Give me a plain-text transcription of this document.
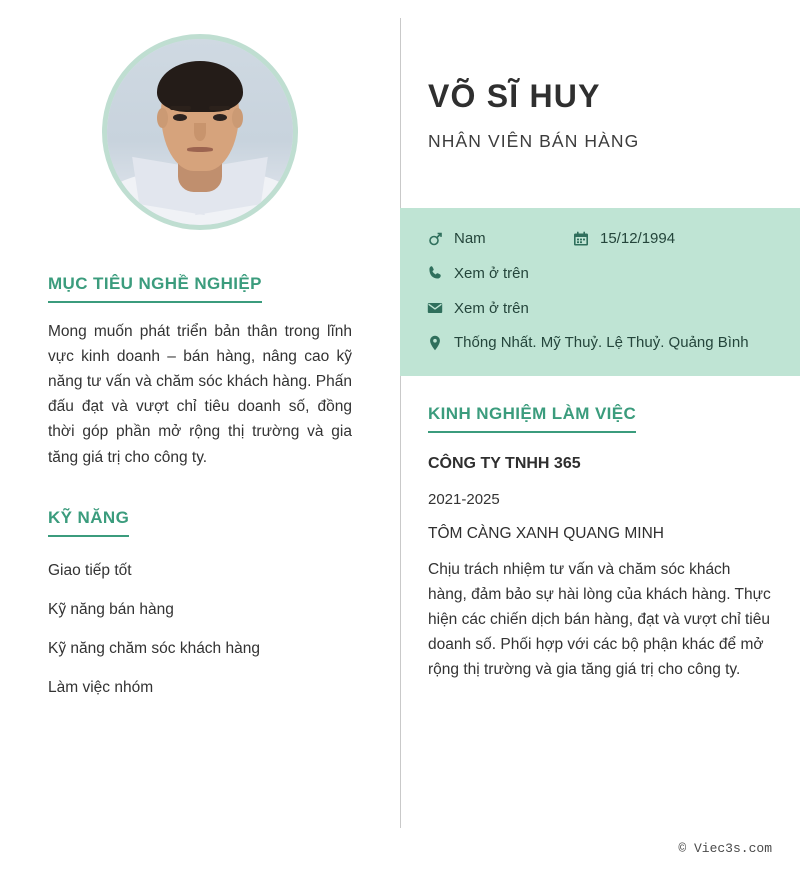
MỤC TIÊU NGHỀ NGHIỆP

Mong muốn phát triển bản thân trong lĩnh vực kinh doanh – bán hàng, nâng cao kỹ năng tư vấn và chăm sóc khách hàng. Phấn đấu đạt và vượt chỉ tiêu doanh số, đồng thời góp phần mở rộng thị trường và gia tăng giá trị cho công ty.

KỸ NĂNG
Giao tiếp tốt
Kỹ năng bán hàng
Kỹ năng chăm sóc khách hàng
Làm việc nhóm
VÕ SĨ HUY
NHÂN VIÊN BÁN HÀNG
Nam	15/12/1994
Xem ở trên
Xem ở trên
Thống Nhất. Mỹ Thuỷ. Lệ Thuỷ. Quảng Bình
KINH NGHIỆM LÀM VIỆC
CÔNG TY TNHH 365
2021-2025
TÔM CÀNG XANH QUANG MINH

Chịu trách nhiệm tư vấn và chăm sóc khách hàng, đảm bảo sự hài lòng của khách hàng. Thực hiện các chiến dịch bán hàng, đạt và vượt chỉ tiêu doanh số. Phối hợp với các bộ phận khác để mở rộng thị trường và gia tăng giá trị cho công ty.

© Viec3s.com
